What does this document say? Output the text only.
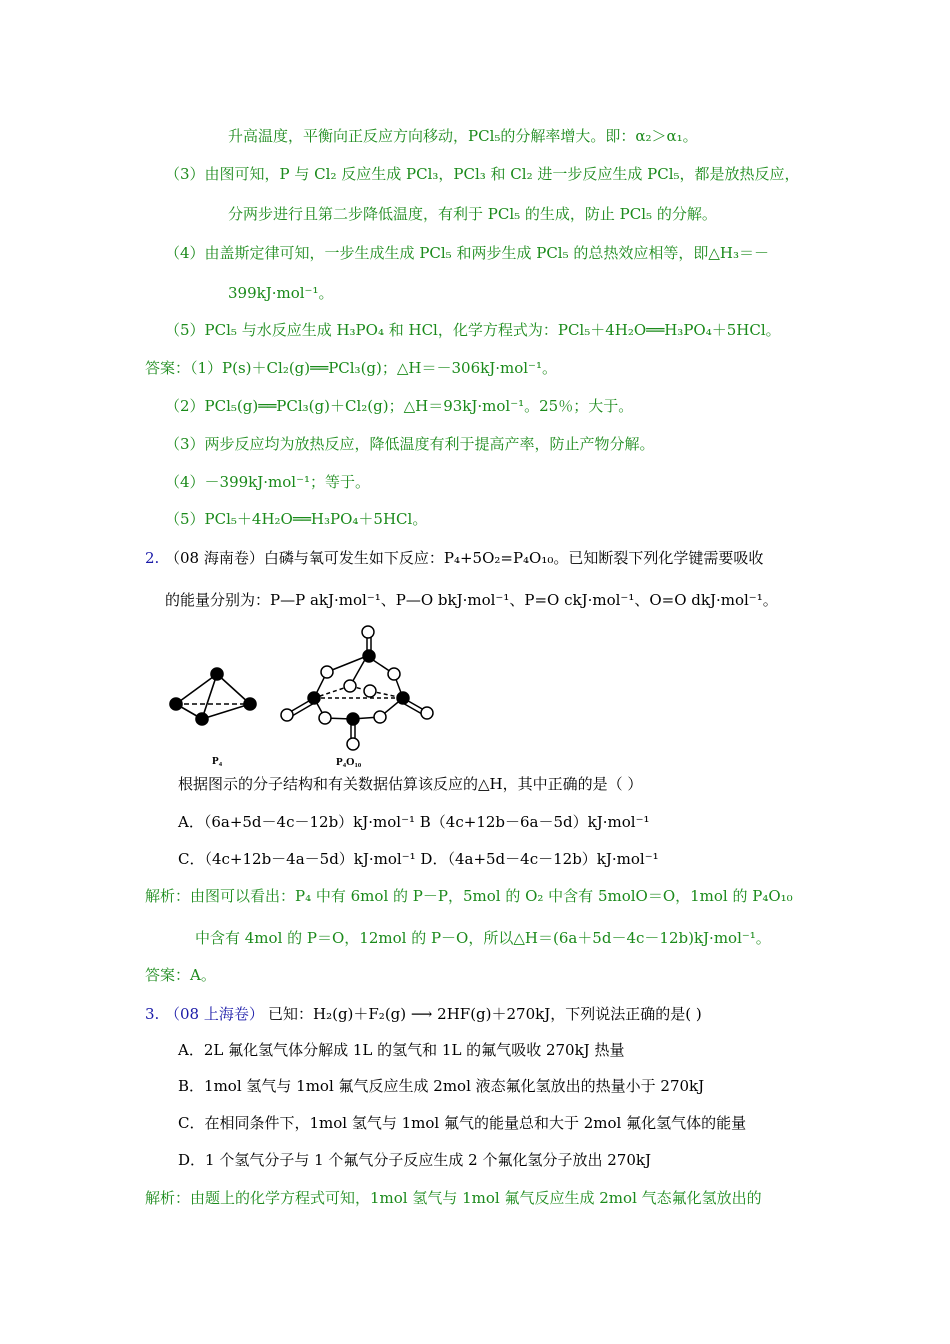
升高温度，平衡向正反应方向移动，PCl₅的分解率增大。即：α₂＞α₁。
（3）由图可知，P 与 Cl₂ 反应生成 PCl₃，PCl₃ 和 Cl₂ 进一步反应生成 PCl₅，都是放热反应，
分两步进行且第二步降低温度，有利于 PCl₅ 的生成，防止 PCl₅ 的分解。
（4）由盖斯定律可知，一步生成生成 PCl₅ 和两步生成 PCl₅ 的总热效应相等，即△H₃＝－
399kJ·mol⁻¹。
（5）PCl₅ 与水反应生成 H₃PO₄ 和 HCl，化学方程式为：PCl₅＋4H₂O══H₃PO₄＋5HCl。
答案：（1）P(s)＋Cl₂(g)══PCl₃(g)；△H＝－306kJ·mol⁻¹。
（2）PCl₅(g)══PCl₃(g)＋Cl₂(g)；△H＝93kJ·mol⁻¹。25％；大于。
（3）两步反应均为放热反应，降低温度有利于提高产率，防止产物分解。
（4）－399kJ·mol⁻¹；等于。
（5）PCl₅＋4H₂O══H₃PO₄＋5HCl。
2. （08 海南卷）白磷与氧可发生如下反应：P₄+5O₂=P₄O₁₀。已知断裂下列化学键需要吸收
的能量分别为：P—P akJ·mol⁻¹、P—O bkJ·mol⁻¹、P=O ckJ·mol⁻¹、O=O dkJ·mol⁻¹。
P₄	P₄O₁₀
根据图示的分子结构和有关数据估算该反应的△H，其中正确的是（ ）
A．（6a+5d－4c－12b）kJ·mol⁻¹ B（4c+12b－6a－5d）kJ·mol⁻¹
C．（4c+12b－4a－5d）kJ·mol⁻¹ D．（4a+5d－4c－12b）kJ·mol⁻¹
解析：由图可以看出：P₄ 中有 6mol 的 P－P，5mol 的 O₂ 中含有 5molO＝O，1mol 的 P₄O₁₀
中含有 4mol 的 P＝O，12mol 的 P－O，所以△H＝(6a＋5d－4c－12b)kJ·mol⁻¹。
答案：A。
3. （08 上海卷） 已知：H₂(g)＋F₂(g) ⟶ 2HF(g)＋270kJ，下列说法正确的是( )
A．2L 氟化氢气体分解成 1L 的氢气和 1L 的氟气吸收 270kJ 热量
B．1mol 氢气与 1mol 氟气反应生成 2mol 液态氟化氢放出的热量小于 270kJ
C．在相同条件下，1mol 氢气与 1mol 氟气的能量总和大于 2mol 氟化氢气体的能量
D．1 个氢气分子与 1 个氟气分子反应生成 2 个氟化氢分子放出 270kJ
解析：由题上的化学方程式可知，1mol 氢气与 1mol 氟气反应生成 2mol 气态氟化氢放出的
